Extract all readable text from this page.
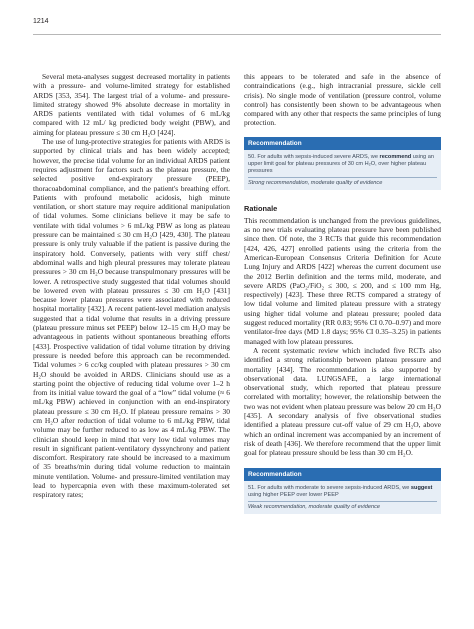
1214

Several meta-analyses suggest decreased mortality in patients with a pressure- and volume-limited strategy for established ARDS [353, 354]. The largest trial of a volume- and pressure-limited strategy showed 9% absolute decrease in mortality in ARDS patients ventilated with tidal volumes of 6 mL/kg compared with 12 mL/ kg predicted body weight (PBW), and aiming for plateau pressure ≤ 30 cm H₂O [424].

The use of lung-protective strategies for patients with ARDS is supported by clinical trials and has been widely accepted; however, the precise tidal volume for an individual ARDS patient requires adjustment for factors such as the plateau pressure, the selected positive end-expiratory pressure (PEEP), thoracoabdominal compliance, and the patient's breathing effort. Patients with profound metabolic acidosis, high minute ventilation, or short stature may require additional manipulation of tidal volumes. Some clinicians believe it may be safe to ventilate with tidal volumes > 6 mL/kg PBW as long as plateau pressure can be maintained ≤ 30 cm H₂O [429, 430]. The plateau pressure is only truly valuable if the patient is passive during the inspiratory hold. Conversely, patients with very stiff chest/ abdominal walls and high pleural pressures may tolerate plateau pressures > 30 cm H₂O because transpulmonary pressures will be lower. A retrospective study suggested that tidal volumes should be lowered even with plateau pressures ≤ 30 cm H₂O [431] because lower plateau pressures were associated with reduced hospital mortality [432]. A recent patient-level mediation analysis suggested that a tidal volume that results in a driving pressure (plateau pressure minus set PEEP) below 12–15 cm H₂O may be advantageous in patients without spontaneous breathing efforts [433]. Prospective validation of tidal volume titration by driving pressure is needed before this approach can be recommended. Tidal volumes > 6 cc/kg coupled with plateau pressures > 30 cm H₂O should be avoided in ARDS. Clinicians should use as a starting point the objective of reducing tidal volume over 1–2 h from its initial value toward the goal of a “low” tidal volume (≈ 6 mL/kg PBW) achieved in conjunction with an end-inspiratory plateau pressure ≤ 30 cm H₂O. If plateau pressure remains > 30 cm H₂O after reduction of tidal volume to 6 mL/kg PBW, tidal volume may be further reduced to as low as 4 mL/kg PBW. The clinician should keep in mind that very low tidal volumes may result in significant patient-ventilatory dyssynchrony and patient discomfort. Respiratory rate should be increased to a maximum of 35 breaths/min during tidal volume reduction to maintain minute ventilation. Volume- and pressure-limited ventilation may lead to hypercapnia even with these maximum-tolerated set respiratory rates;

this appears to be tolerated and safe in the absence of contraindications (e.g., high intracranial pressure, sickle cell crisis). No single mode of ventilation (pressure control, volume control) has consistently been shown to be advantageous when compared with any other that respects the same principles of lung protection.

Recommendation
50. For adults with sepsis-induced severe ARDS, we recommend using an upper limit goal for plateau pressures of 30 cm H₂O, over higher plateau pressures
Strong recommendation, moderate quality of evidence
Rationale

This recommendation is unchanged from the previous guidelines, as no new trials evaluating plateau pressure have been published since then. Of note, the 3 RCTs that guide this recommendation [424, 426, 427] enrolled patients using the criteria from the American-European Consensus Criteria Definition for Acute Lung Injury and ARDS [422] whereas the current document use the 2012 Berlin definition and the terms mild, moderate, and severe ARDS (PaO₂/FiO₂ ≤ 300, ≤ 200, and ≤ 100 mm Hg, respectively) [423]. These three RCTS compared a strategy of low tidal volume and limited plateau pressure with a strategy using higher tidal volume and plateau pressure; pooled data suggest reduced mortality (RR 0.83; 95% CI 0.70–0.97) and more ventilator-free days (MD 1.8 days; 95% CI 0.35–3.25) in patients managed with low plateau pressures.

A recent systematic review which included five RCTs also identified a strong relationship between plateau pressure and mortality [434]. The recommendation is also supported by observational data. LUNGSAFE, a large international observational study, which reported that plateau pressure correlated with mortality; however, the relationship between the two was not evident when plateau pressure was below 20 cm H₂O [435]. A secondary analysis of five observational studies identified a plateau pressure cut-off value of 29 cm H₂O, above which an ordinal increment was accompanied by an increment of risk of death [436]. We therefore recommend that the upper limit goal for plateau pressure should be less than 30 cm H₂O.

Recommendation
51. For adults with moderate to severe sepsis-induced ARDS, we suggest using higher PEEP over lower PEEP
Weak recommendation, moderate quality of evidence
